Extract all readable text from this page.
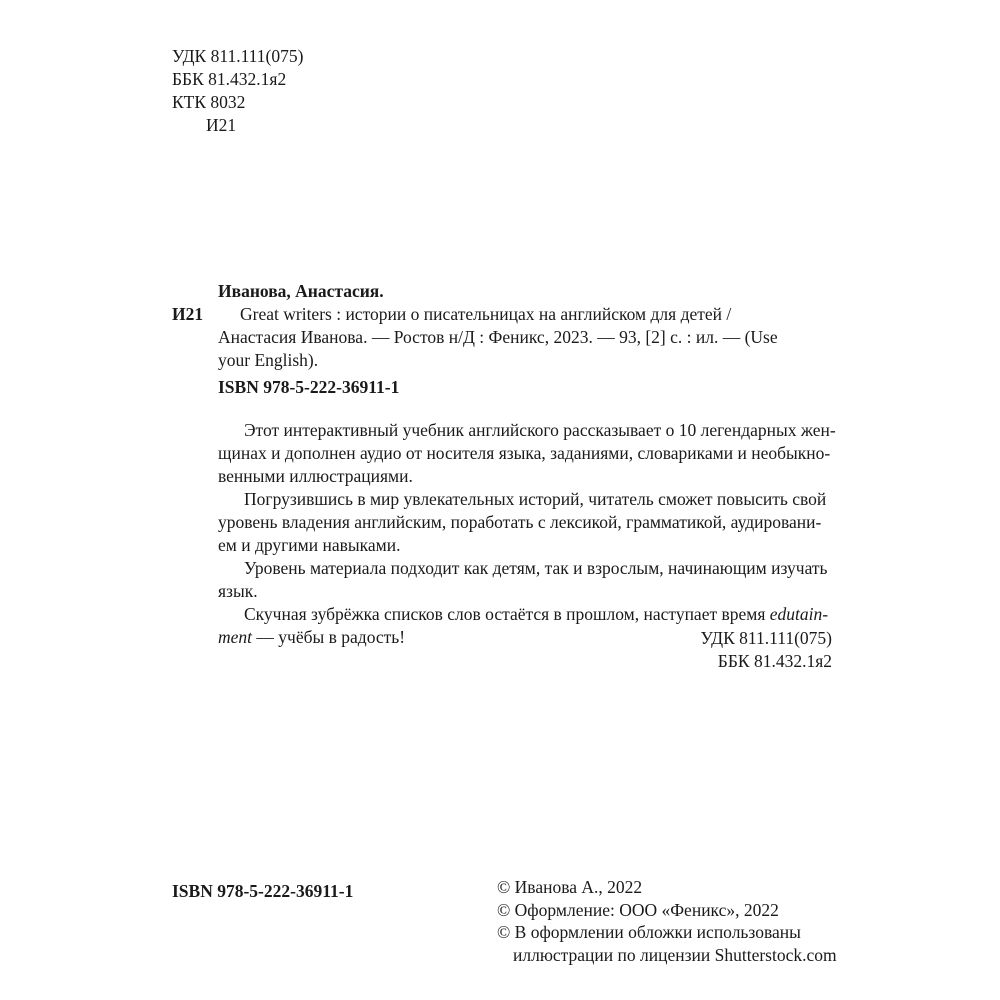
УДК 811.111(075)
ББК 81.432.1я2
КТК 8032
И21
И21
Иванова, Анастасия.
Great writers : истории о писательницах на английском для детей /
Анастасия Иванова. — Ростов н/Д : Феникс, 2023. — 93, [2] с. : ил. — (Use
your English).
ISBN 978-5-222-36911-1
Этот интерактивный учебник английского рассказывает о 10 легендарных жен-
щинах и дополнен аудио от носителя языка, заданиями, словариками и необыкно-
венными иллюстрациями.
Погрузившись в мир увлекательных историй, читатель сможет повысить свой
уровень владения английским, поработать с лексикой, грамматикой, аудировани-
ем и другими навыками.
Уровень материала подходит как детям, так и взрослым, начинающим изучать
язык.
Скучная зубрёжка списков слов остаётся в прошлом, наступает время edutain-
ment — учёбы в радость!	УДК 811.111(075)
ББК 81.432.1я2
ISBN 978-5-222-36911-1	© Иванова А., 2022
© Оформление: ООО «Феникс», 2022
© В оформлении обложки использованы
иллюстрации по лицензии Shutterstock.com
